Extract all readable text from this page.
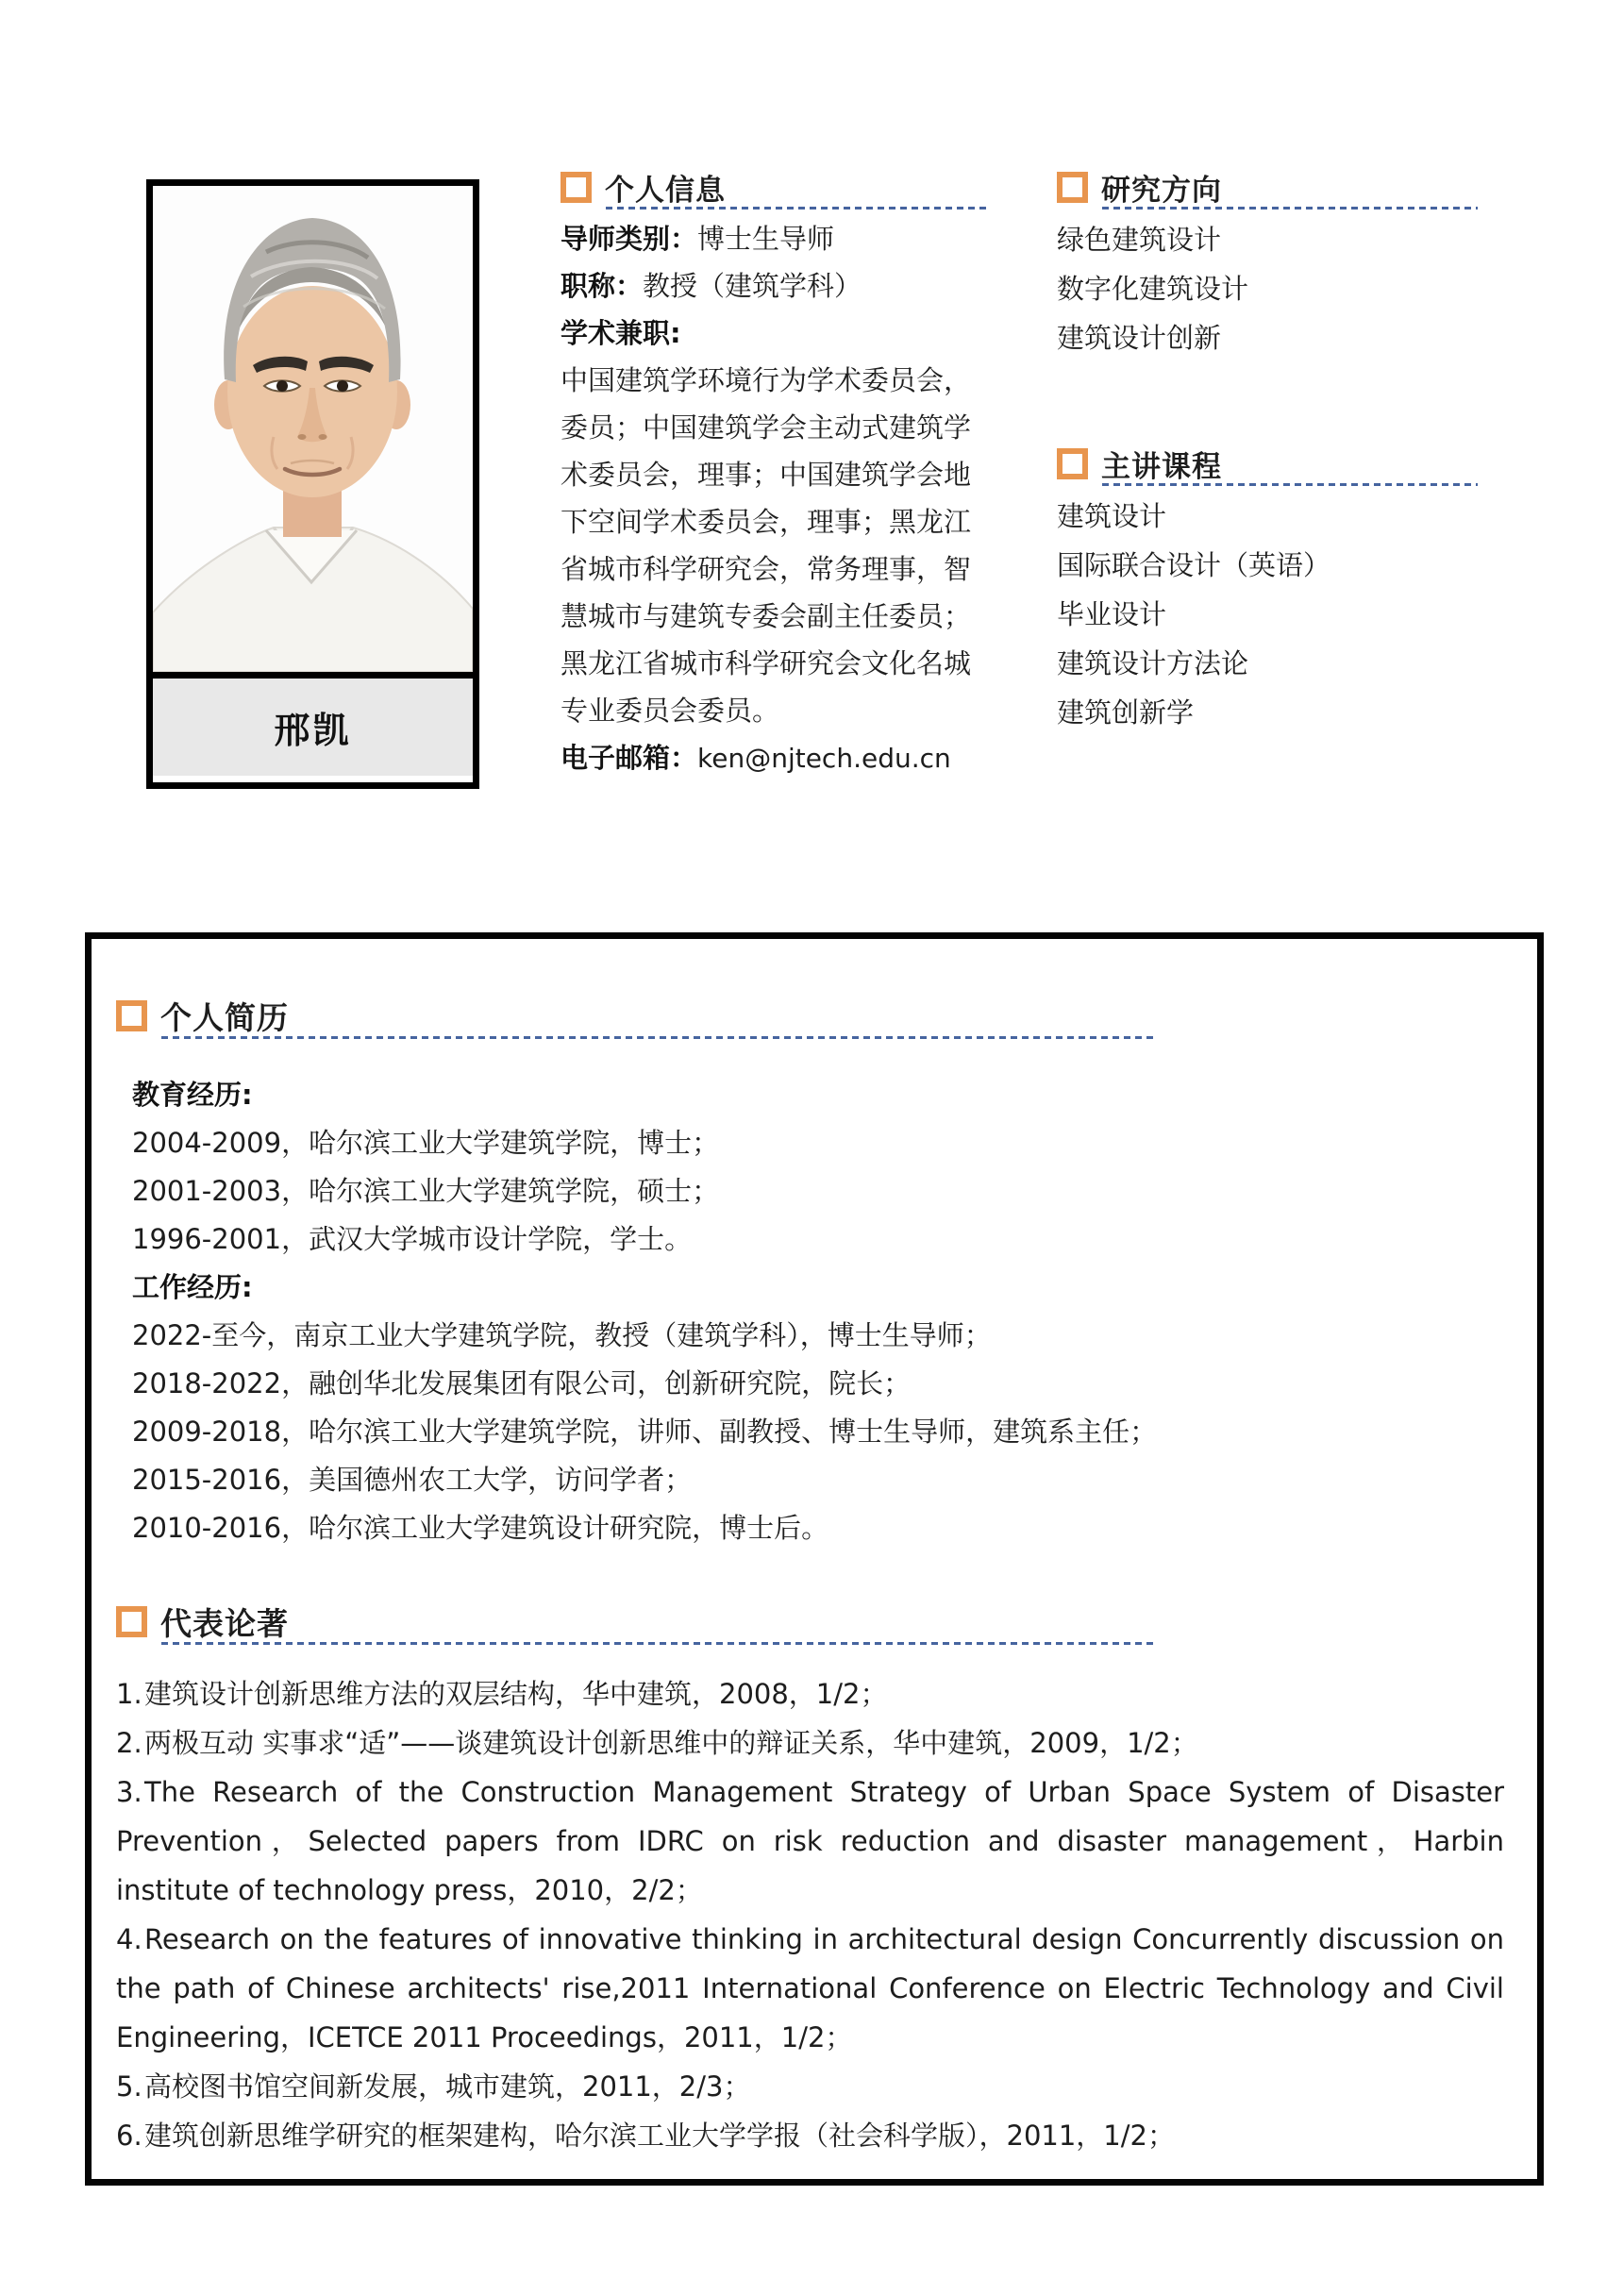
邢凯
个人信息
导师类别：博士生导师
职称：教授（建筑学科）
学术兼职:

中国建筑学环境行为学术委员会，委员；中国建筑学会主动式建筑学术委员会，理事；中国建筑学会地下空间学术委员会，理事；黑龙江省城市科学研究会，常务理事，智慧城市与建筑专委会副主任委员；黑龙江省城市科学研究会文化名城专业委员会委员。

电子邮箱：ken@njtech.edu.cn
研究方向
绿色建筑设计
数字化建筑设计
建筑设计创新
主讲课程
建筑设计
国际联合设计（英语）
毕业设计
建筑设计方法论
建筑创新学
个人简历
教育经历:
2004-2009，哈尔滨工业大学建筑学院，博士；
2001-2003，哈尔滨工业大学建筑学院，硕士；
1996-2001，武汉大学城市设计学院，学士。
工作经历:
2022-至今，南京工业大学建筑学院，教授（建筑学科），博士生导师；
2018-2022，融创华北发展集团有限公司，创新研究院，院长；
2009-2018，哈尔滨工业大学建筑学院，讲师、副教授、博士生导师，建筑系主任；
2015-2016，美国德州农工大学，访问学者；
2010-2016，哈尔滨工业大学建筑设计研究院，博士后。
代表论著

1.建筑设计创新思维方法的双层结构，华中建筑，2008，1/2；

2.两极互动 实事求“适”——谈建筑设计创新思维中的辩证关系，华中建筑，2009，1/2；

3.The Research of the Construction Management Strategy of Urban Space System of Disaster Prevention，Selected papers from IDRC on risk reduction and disaster management，Harbin institute of technology press，2010，2/2；

4.Research on the features of innovative thinking in architectural design Concurrently discussion on the path of Chinese architects' rise,2011 International Conference on Electric Technology and Civil Engineering，ICETCE 2011 Proceedings，2011，1/2；

5.高校图书馆空间新发展，城市建筑，2011，2/3；

6.建筑创新思维学研究的框架建构，哈尔滨工业大学学报（社会科学版），2011，1/2；
